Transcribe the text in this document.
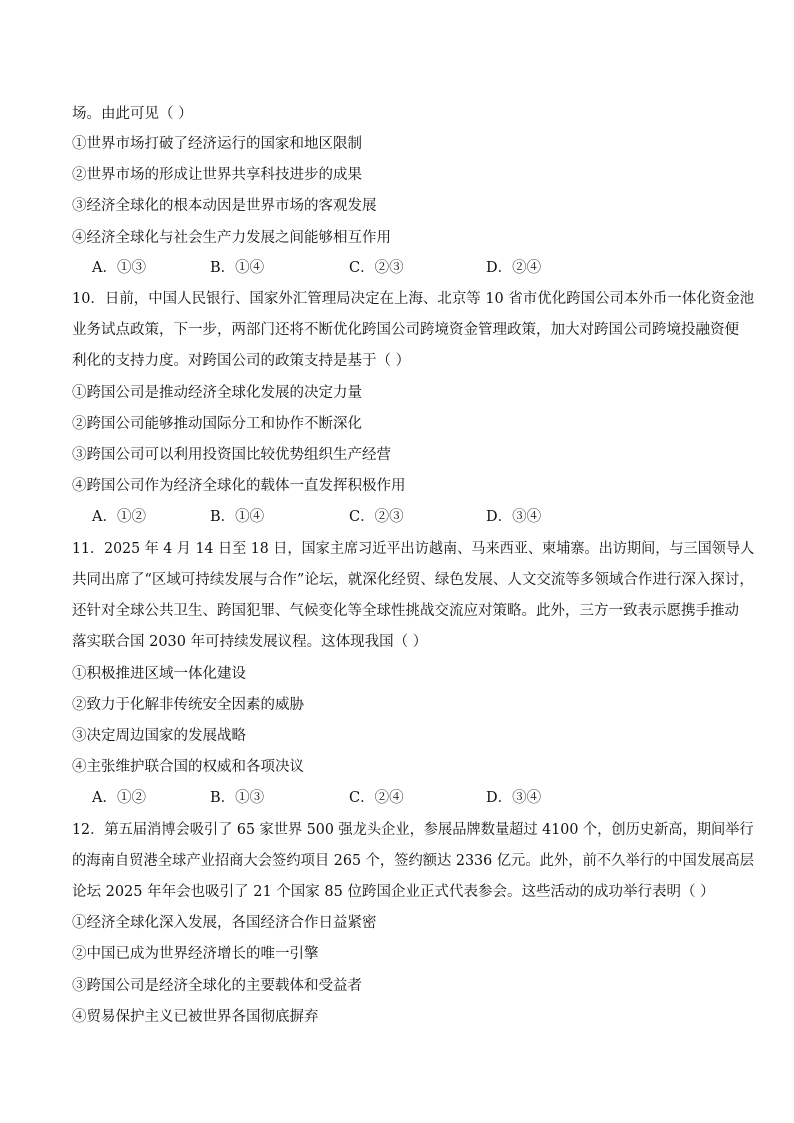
场。由此可见（ ）
①世界市场打破了经济运行的国家和地区限制
②世界市场的形成让世界共享科技进步的成果
③经济全球化的根本动因是世界市场的客观发展
④经济全球化与社会生产力发展之间能够相互作用
A．①③	B．①④	C．②③	D．②④
10．日前，中国人民银行、国家外汇管理局决定在上海、北京等 10 省市优化跨国公司本外币一体化资金池
业务试点政策，下一步，两部门还将不断优化跨国公司跨境资金管理政策，加大对跨国公司跨境投融资便
利化的支持力度。对跨国公司的政策支持是基于（ ）
①跨国公司是推动经济全球化发展的决定力量
②跨国公司能够推动国际分工和协作不断深化
③跨国公司可以利用投资国比较优势组织生产经营
④跨国公司作为经济全球化的载体一直发挥积极作用
A．①②	B．①④	C．②③	D．③④
11．2025 年 4 月 14 日至 18 日，国家主席习近平出访越南、马来西亚、柬埔寨。出访期间，与三国领导人
共同出席了“区域可持续发展与合作”论坛，就深化经贸、绿色发展、人文交流等多领域合作进行深入探讨，
还针对全球公共卫生、跨国犯罪、气候变化等全球性挑战交流应对策略。此外，三方一致表示愿携手推动
落实联合国 2030 年可持续发展议程。这体现我国（ ）
①积极推进区域一体化建设
②致力于化解非传统安全因素的威胁
③决定周边国家的发展战略
④主张维护联合国的权威和各项决议
A．①②	B．①③	C．②④	D．③④
12．第五届消博会吸引了 65 家世界 500 强龙头企业，参展品牌数量超过 4100 个，创历史新高，期间举行
的海南自贸港全球产业招商大会签约项目 265 个，签约额达 2336 亿元。此外，前不久举行的中国发展高层
论坛 2025 年年会也吸引了 21 个国家 85 位跨国企业正式代表参会。这些活动的成功举行表明（ ）
①经济全球化深入发展，各国经济合作日益紧密
②中国已成为世界经济增长的唯一引擎
③跨国公司是经济全球化的主要载体和受益者
④贸易保护主义已被世界各国彻底摒弃
